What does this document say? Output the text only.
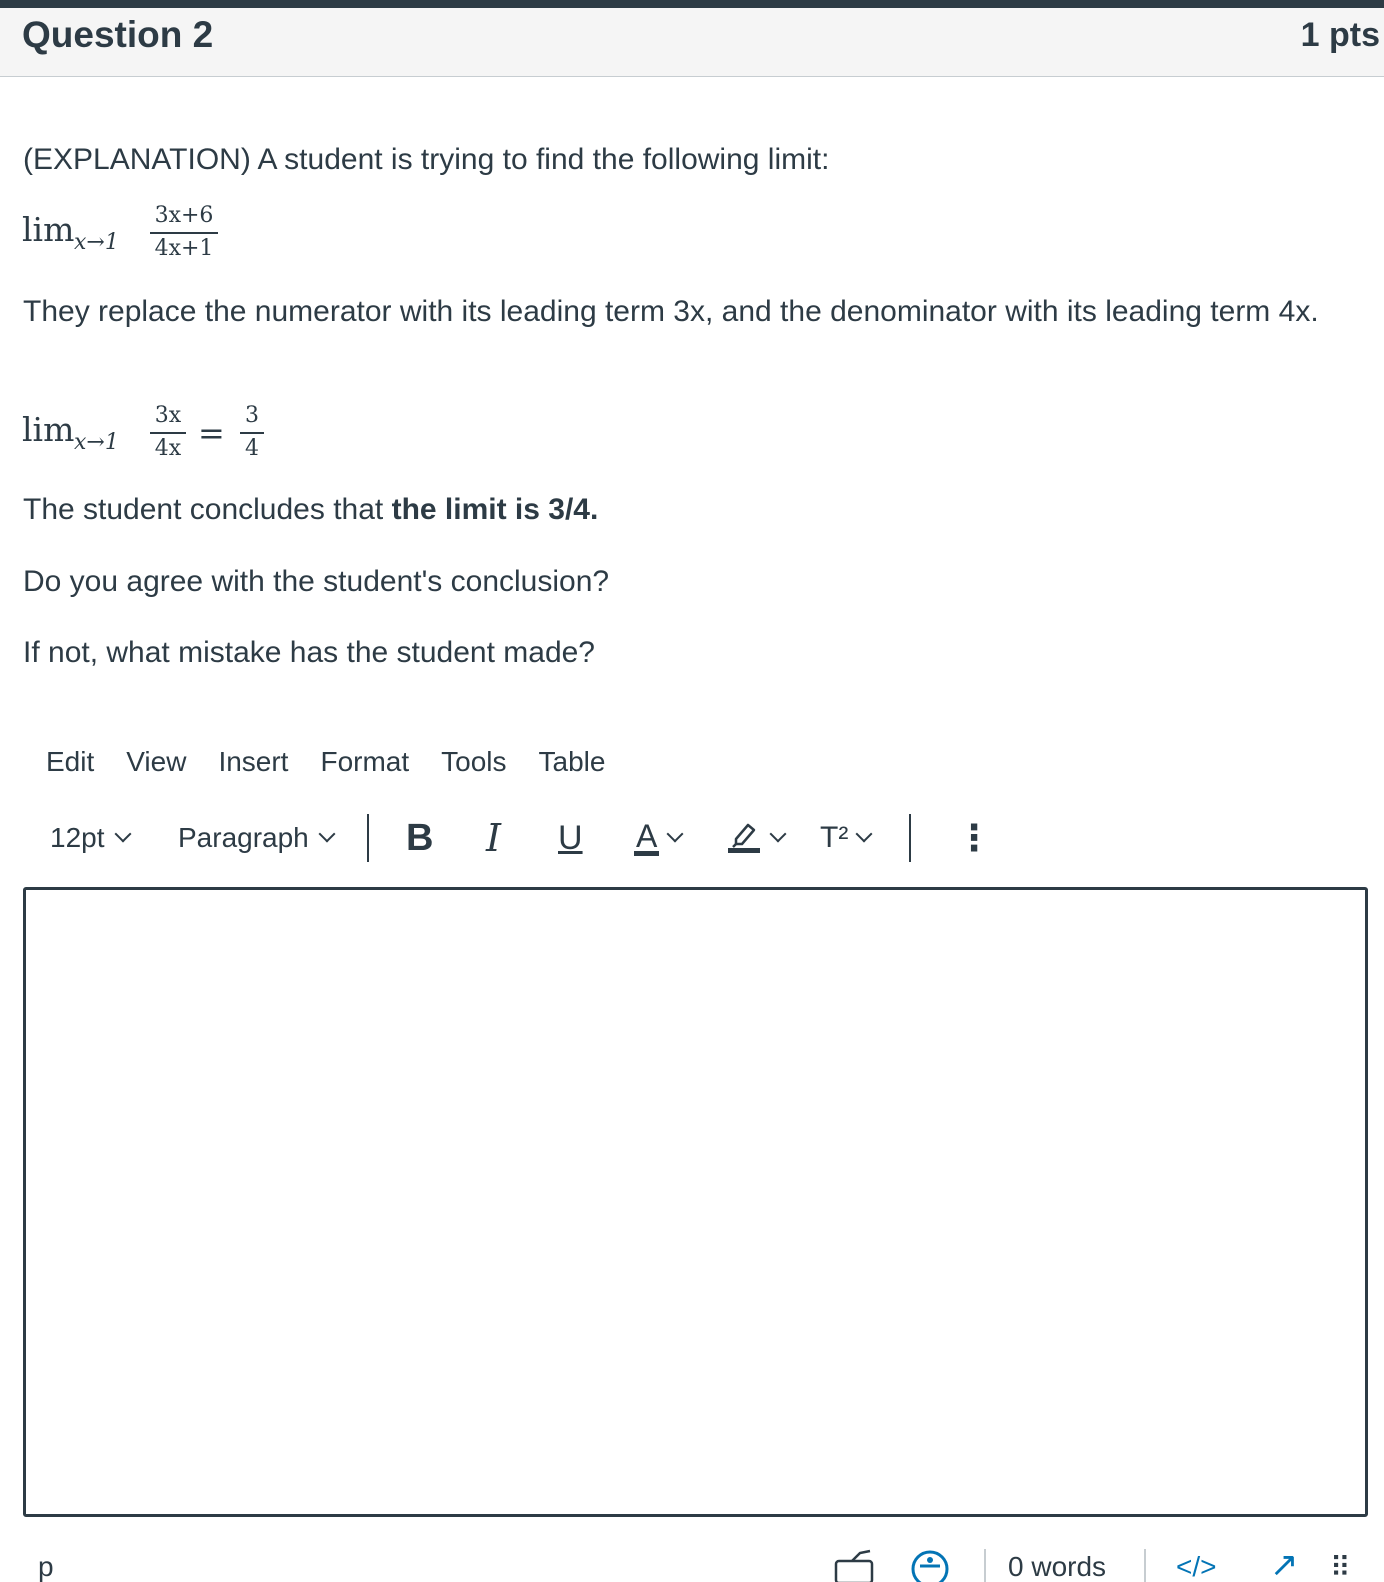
Question 2	1 pts
(EXPLANATION) A student is trying to find the following limit:
lim x→1
3x+6
4x+1
They replace the numerator with its leading term 3x, and the denominator with its leading term 4x.
lim x→1
3x
4x = 3
4
The student concludes that the limit is 3/4.
Do you agree with the student's conclusion?
If not, what mistake has the student made?
Edit View Insert Format Tools Table
12pt	Paragraph	B I U A	T²	⋮
p	0 words </> ↗ ⠿
